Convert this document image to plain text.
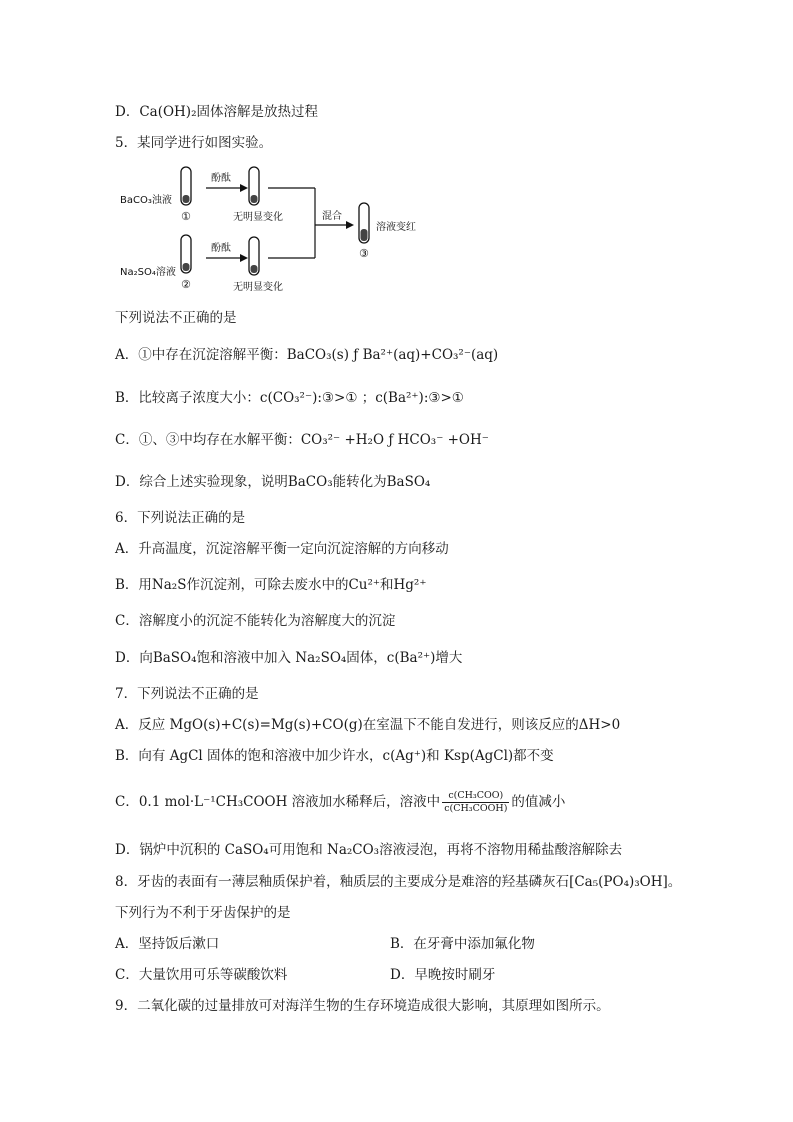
D．Ca(OH)₂固体溶解是放热过程
5．某同学进行如图实验。
BaCO₃浊液
①
酚酞
无明显变化	混合
溶液变红
③
Na₂SO₄溶液
②
酚酞
无明显变化
下列说法不正确的是
A．①中存在沉淀溶解平衡：BaCO₃(s) ƒ Ba²⁺(aq)+CO₃²⁻(aq)
B．比较离子浓度大小：c(CO₃²⁻):③>① ；c(Ba²⁺):③>①
C．①、③中均存在水解平衡：CO₃²⁻ +H₂O ƒ HCO₃⁻ +OH⁻
D．综合上述实验现象，说明BaCO₃能转化为BaSO₄
6．下列说法正确的是
A．升高温度，沉淀溶解平衡一定向沉淀溶解的方向移动
B．用Na₂S作沉淀剂，可除去废水中的Cu²⁺和Hg²⁺
C．溶解度小的沉淀不能转化为溶解度大的沉淀
D．向BaSO₄饱和溶液中加入 Na₂SO₄固体，c(Ba²⁺)增大
7．下列说法不正确的是
A．反应 MgO(s)+C(s)=Mg(s)+CO(g)在室温下不能自发进行，则该反应的ΔH>0
B．向有 AgCl 固体的饱和溶液中加少许水，c(Ag⁺)和 Ksp(AgCl)都不变
C．0.1 mol·L⁻¹CH₃COOH 溶液加水稀释后，溶液中 $\frac{\text{c(CH₃COO)}}{\text{c(CH₃COOH)}}$ 的值减小
D．锅炉中沉积的 CaSO₄可用饱和 Na₂CO₃溶液浸泡，再将不溶物用稀盐酸溶解除去
8．牙齿的表面有一薄层釉质保护着，釉质层的主要成分是难溶的羟基磷灰石[Ca₅(PO₄)₃OH]。
下列行为不利于牙齿保护的是
A．坚持饭后漱口	B．在牙膏中添加氟化物
C．大量饮用可乐等碳酸饮料	D．早晚按时刷牙
9．二氧化碳的过量排放可对海洋生物的生存环境造成很大影响，其原理如图所示。
